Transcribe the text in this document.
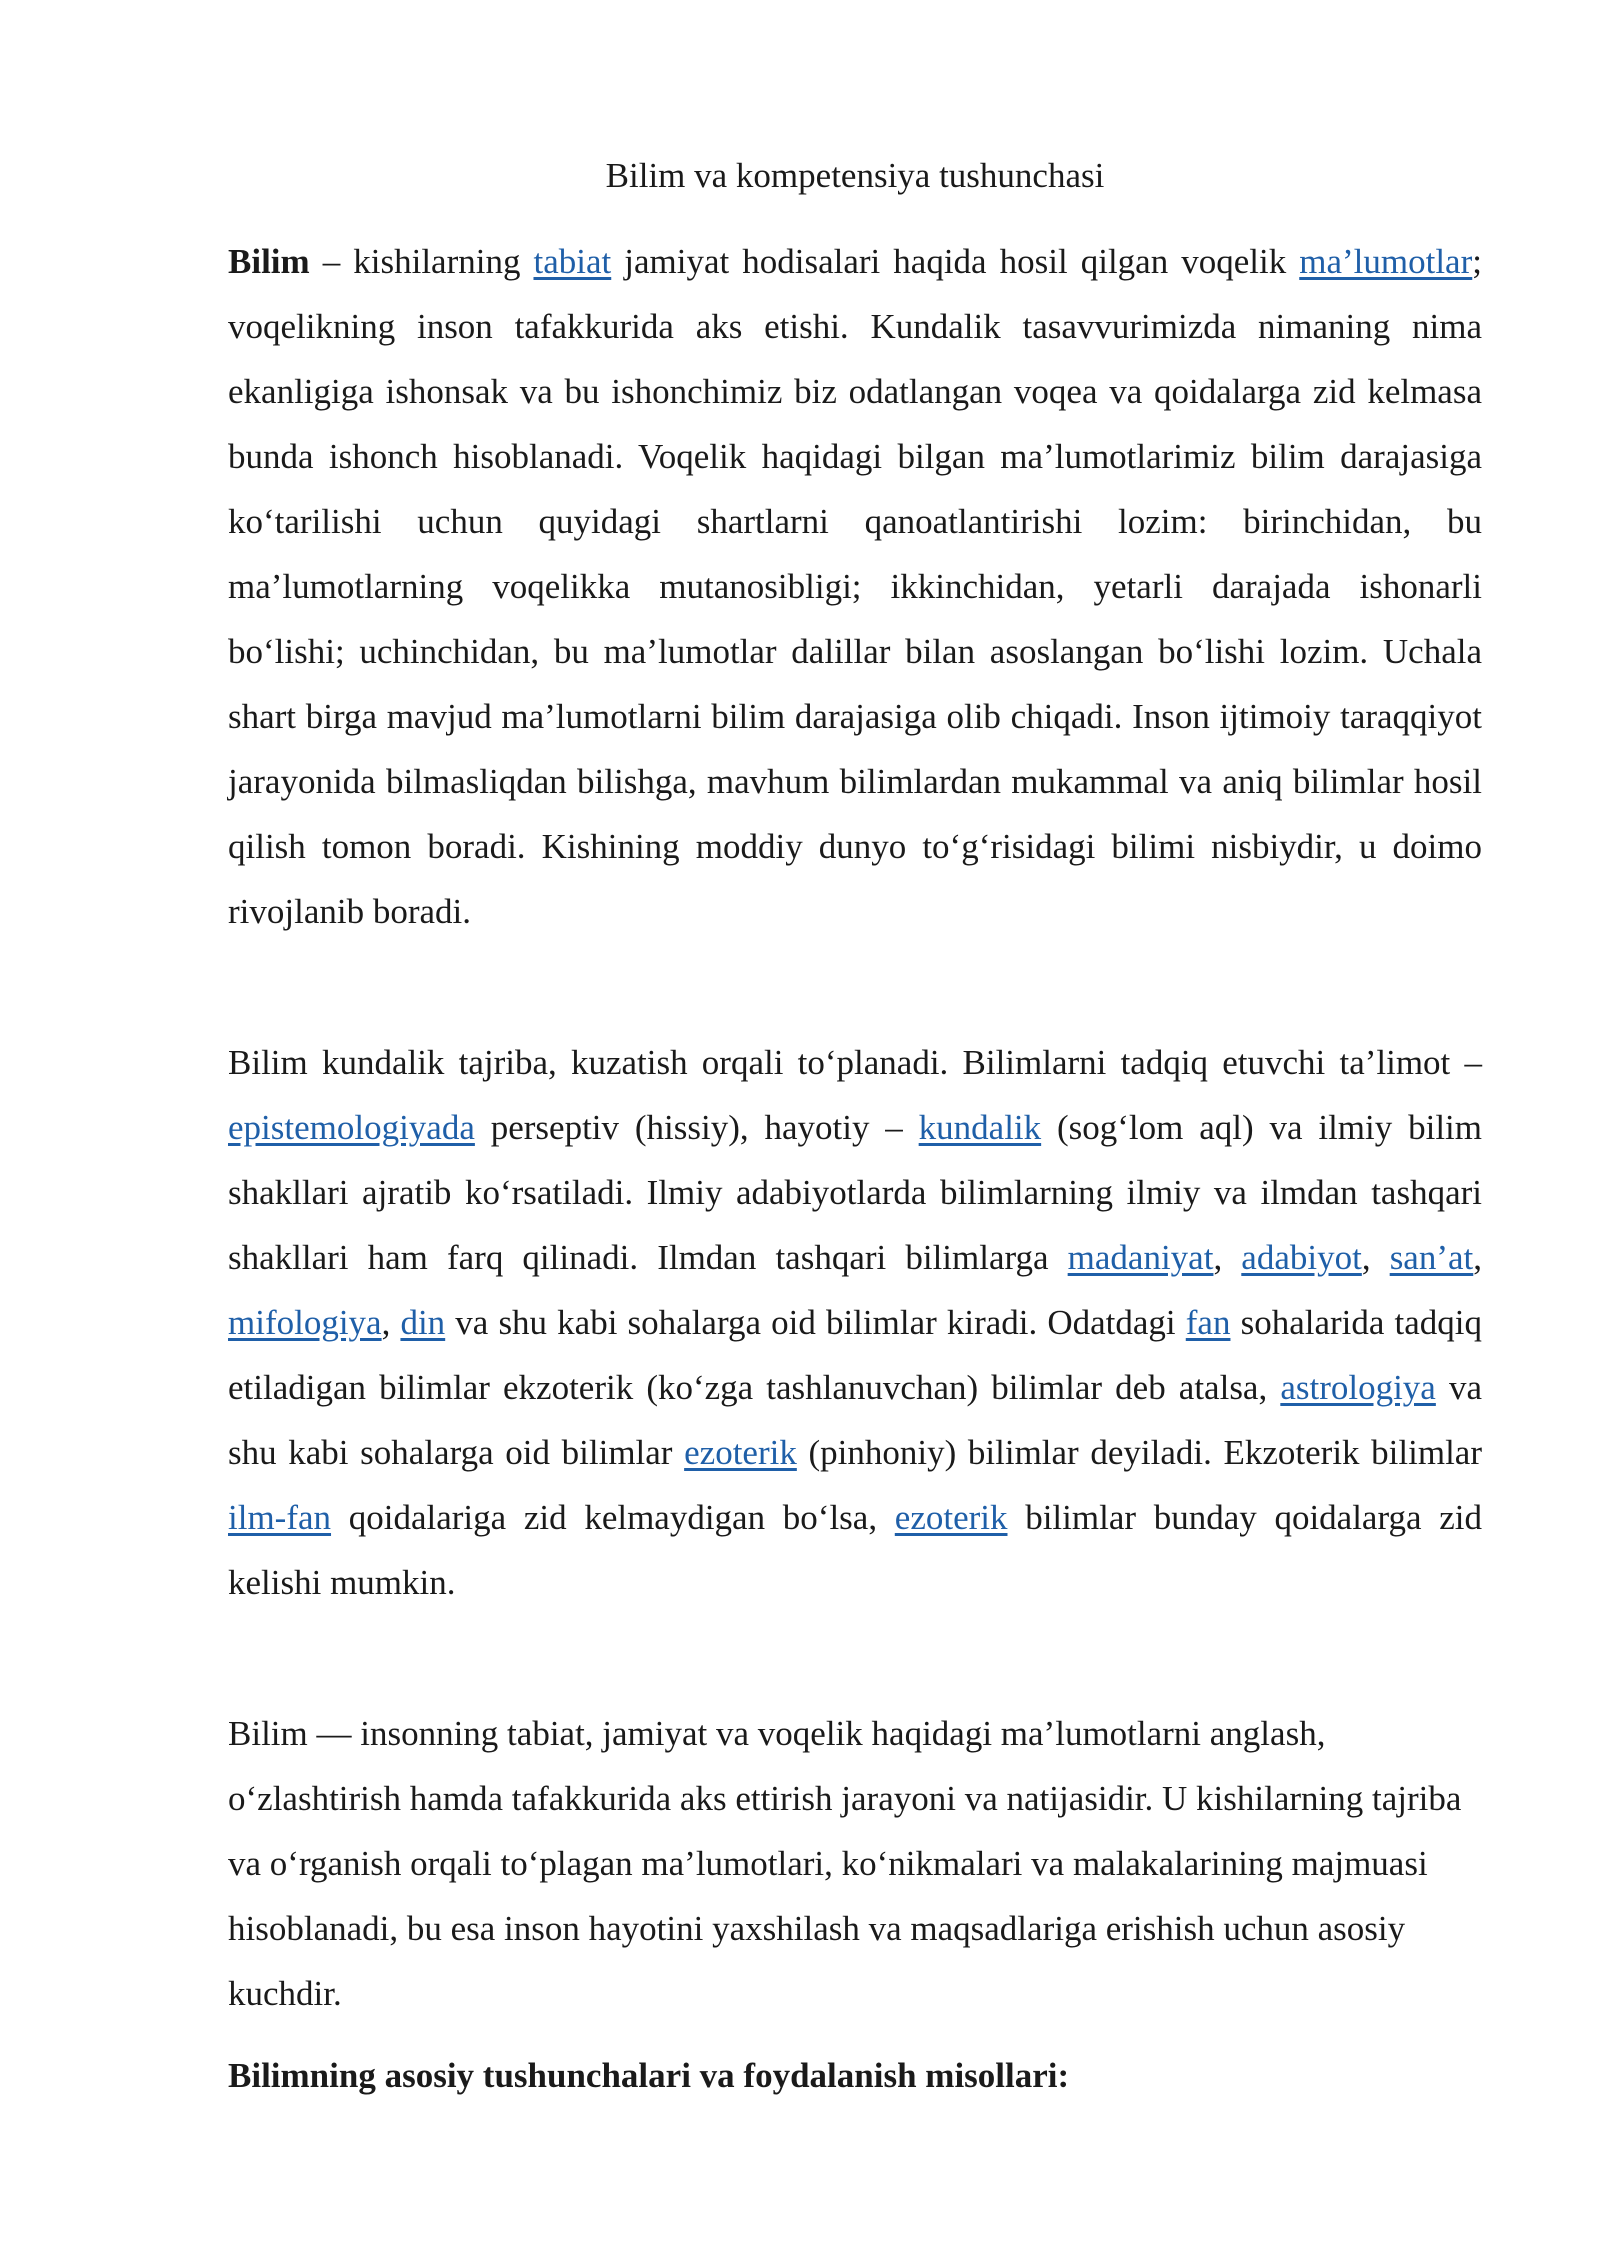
Bilim va kompetensiya tushunchasi

Bilim – kishilarning tabiat jamiyat hodisalari haqida hosil qilgan voqelik ma’lumotlar; voqelikning inson tafakkurida aks etishi. Kundalik tasavvurimizda nimaning nima ekanligiga ishonsak va bu ishonchimiz biz odatlangan voqea va qoidalarga zid kelmasa bunda ishonch hisoblanadi. Voqelik haqidagi bilgan ma’lumotlarimiz bilim darajasiga ko‘tarilishi uchun quyidagi shartlarni qanoatlantirishi lozim: birinchidan, bu ma’lumotlarning voqelikka mutanosibligi; ikkinchidan, yetarli darajada ishonarli bo‘lishi; uchinchidan, bu ma’lumotlar dalillar bilan asoslangan bo‘lishi lozim. Uchala shart birga mavjud ma’lumotlarni bilim darajasiga olib chiqadi. Inson ijtimoiy taraqqiyot jarayonida bilmasliqdan bilishga, mavhum bilimlardan mukammal va aniq bilimlar hosil qilish tomon boradi. Kishining moddiy dunyo to‘g‘risidagi bilimi nisbiydir, u doimo rivojlanib boradi.

Bilim kundalik tajriba, kuzatish orqali to‘planadi. Bilimlarni tadqiq etuvchi ta’limot – epistemologiyada perseptiv (hissiy), hayotiy – kundalik (sog‘lom aql) va ilmiy bilim shakllari ajratib ko‘rsatiladi. Ilmiy adabiyotlarda bilimlarning ilmiy va ilmdan tashqari shakllari ham farq qilinadi. Ilmdan tashqari bilimlarga madaniyat, adabiyot, san’at, mifologiya, din va shu kabi sohalarga oid bilimlar kiradi. Odatdagi fan sohalarida tadqiq etiladigan bilimlar ekzoterik (ko‘zga tashlanuvchan) bilimlar deb atalsa, astrologiya va shu kabi sohalarga oid bilimlar ezoterik (pinhoniy) bilimlar deyiladi. Ekzoterik bilimlar ilm-fan qoidalariga zid kelmaydigan bo‘lsa, ezoterik bilimlar bunday qoidalarga zid kelishi mumkin.

Bilim — insonning tabiat, jamiyat va voqelik haqidagi ma’lumotlarni anglash, o‘zlashtirish hamda tafakkurida aks ettirish jarayoni va natijasidir. U kishilarning tajriba va o‘rganish orqali to‘plagan ma’lumotlari, ko‘nikmalari va malakalarining majmuasi hisoblanadi, bu esa inson hayotini yaxshilash va maqsadlariga erishish uchun asosiy kuchdir.

Bilimning asosiy tushunchalari va foydalanish misollari:
